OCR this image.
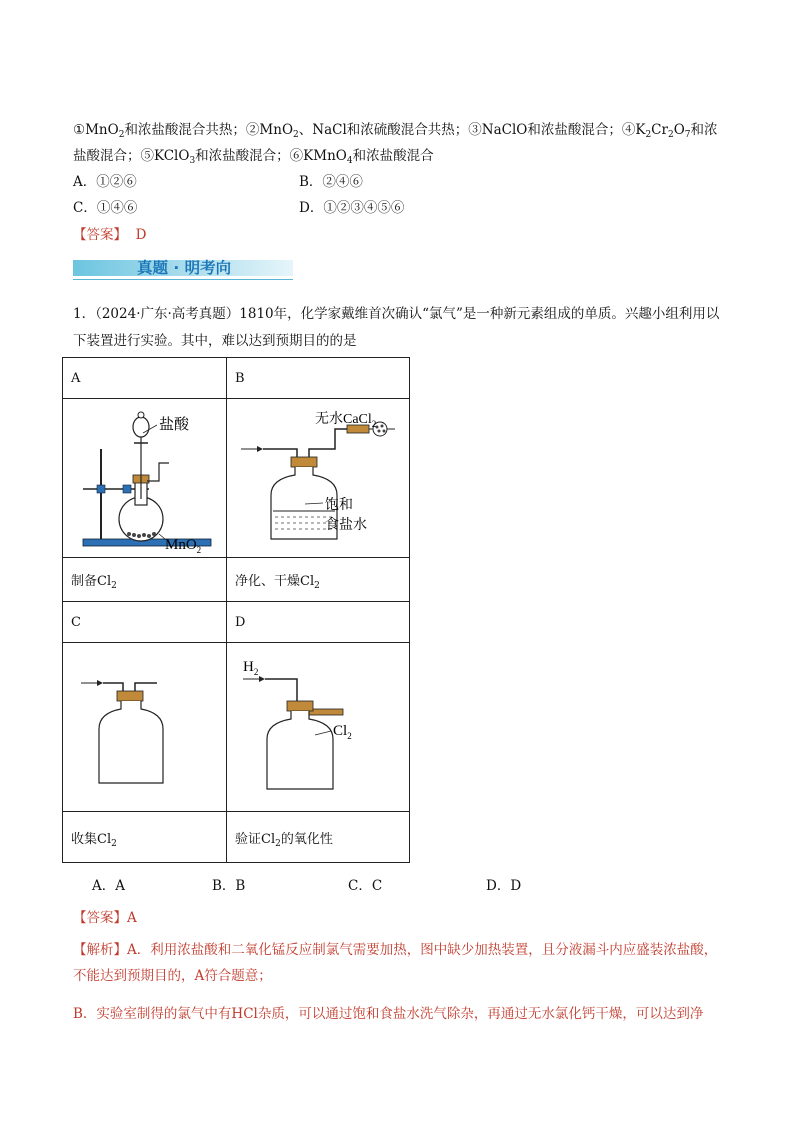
①MnO$_2$和浓盐酸混合共热；②MnO$_2$、NaCl和浓硫酸混合共热；③NaClO和浓盐酸混合；$④K_2Cr_2O_7$和浓
盐酸混合；⑤KClO$_3$和浓盐酸混合；⑥KMnO$_4$和浓盐酸混合
A．①②⑥	B．②④⑥
C．①④⑥	D．①②③④⑤⑥
【答案】 D
真题 · 明考向
1．（2024·广东·高考真题）1810年，化学家戴维首次确认“氯气”是一种新元素组成的单质。兴趣小组利用以
下装置进行实验。其中，难以达到预期目的的是
A	B

盐酸
MnO$_2$	无水CaCl$_2$
饱和
食盐水

制备$Cl_2$	净化、干燥$Cl_2$
C	D

$H_2$
$Cl_2$

收集$Cl_2$	验证$Cl_2$的氧化性
A．A	B．B	C．C	D．D
【答案】A
【解析】A．利用浓盐酸和二氧化锰反应制氯气需要加热，图中缺少加热装置，且分液漏斗内应盛装浓盐酸，
不能达到预期目的，A符合题意；
B．实验室制得的氯气中有HCl杂质，可以通过饱和食盐水洗气除杂，再通过无水氯化钙干燥，可以达到净
